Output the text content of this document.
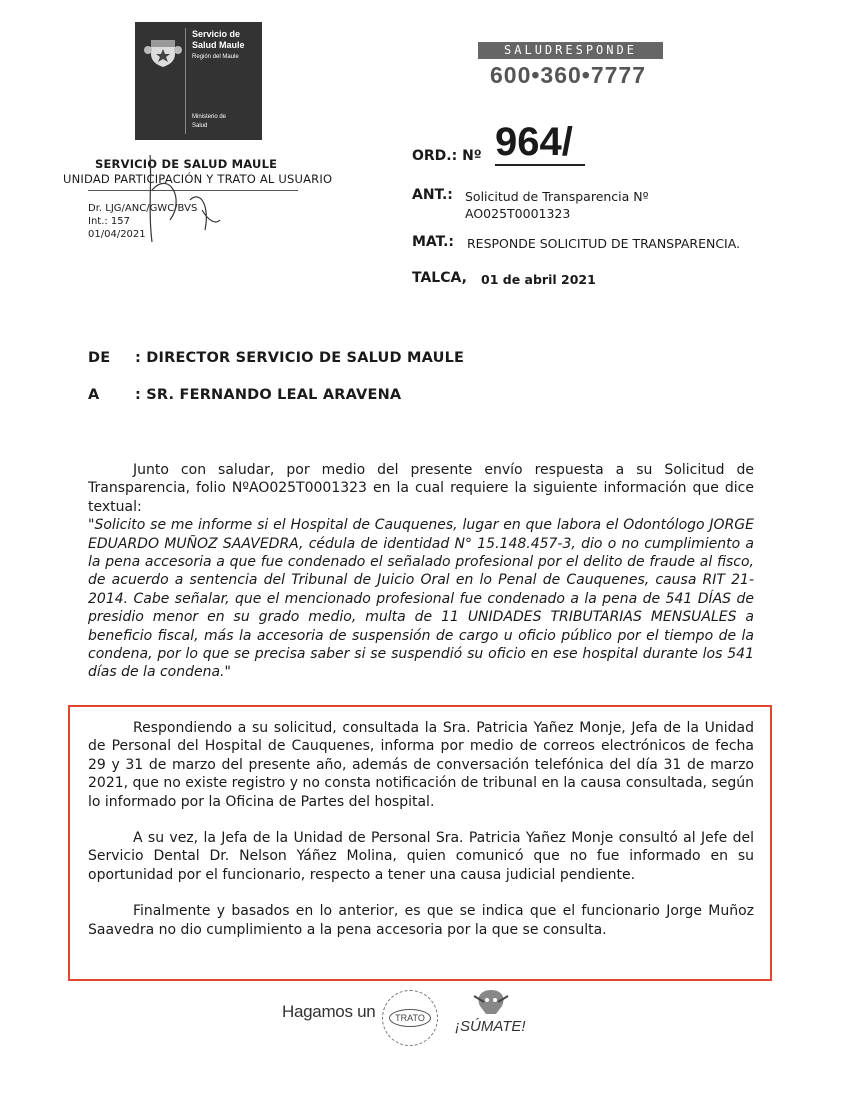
Servicio de
Salud Maule
Región del Maule
Ministerio de
Salud
SERVICIO DE SALUD MAULE
UNIDAD PARTICIPACIÓN Y TRATO AL USUARIO
Dr. LJG/ANC/GWC/BVS
Int.: 157
01/04/2021
SALUDRESPONDE
600•360•7777
ORD.: Nº 964/
ANT.: Solicitud de Transparencia Nº
AO025T0001323
MAT.: RESPONDE SOLICITUD DE TRANSPARENCIA.
TALCA, 01 de abril 2021
DE : DIRECTOR SERVICIO DE SALUD MAULE
A : SR. FERNANDO LEAL ARAVENA

Junto con saludar, por medio del presente envío respuesta a su Solicitud de Transparencia, folio NºAO025T0001323 en la cual requiere la siguiente información que dice textual:

"Solicito se me informe si el Hospital de Cauquenes, lugar en que labora el Odontólogo JORGE EDUARDO MUÑOZ SAAVEDRA, cédula de identidad N° 15.148.457-3, dio o no cumplimiento a la pena accesoria a que fue condenado el señalado profesional por el delito de fraude al fisco, de acuerdo a sentencia del Tribunal de Juicio Oral en lo Penal de Cauquenes, causa RIT 21-2014. Cabe señalar, que el mencionado profesional fue condenado a la pena de 541 DÍAS de presidio menor en su grado medio, multa de 11 UNIDADES TRIBUTARIAS MENSUALES a beneficio fiscal, más la accesoria de suspensión de cargo u oficio público por el tiempo de la condena, por lo que se precisa saber si se suspendió su oficio en ese hospital durante los 541 días de la condena."

Respondiendo a su solicitud, consultada la Sra. Patricia Yañez Monje, Jefa de la Unidad de Personal del Hospital de Cauquenes, informa por medio de correos electrónicos de fecha 29 y 31 de marzo del presente año, además de conversación telefónica del día 31 de marzo 2021, que no existe registro y no consta notificación de tribunal en la causa consultada, según lo informado por la Oficina de Partes del hospital.

A su vez, la Jefa de la Unidad de Personal Sra. Patricia Yañez Monje consultó al Jefe del Servicio Dental Dr. Nelson Yáñez Molina, quien comunicó que no fue informado en su oportunidad por el funcionario, respecto a tener una causa judicial pendiente.

Finalmente y basados en lo anterior, es que se indica que el funcionario Jorge Muñoz Saavedra no dio cumplimiento a la pena accesoria por la que se consulta.

Hagamos un	TRATO	¡SÚMATE!
